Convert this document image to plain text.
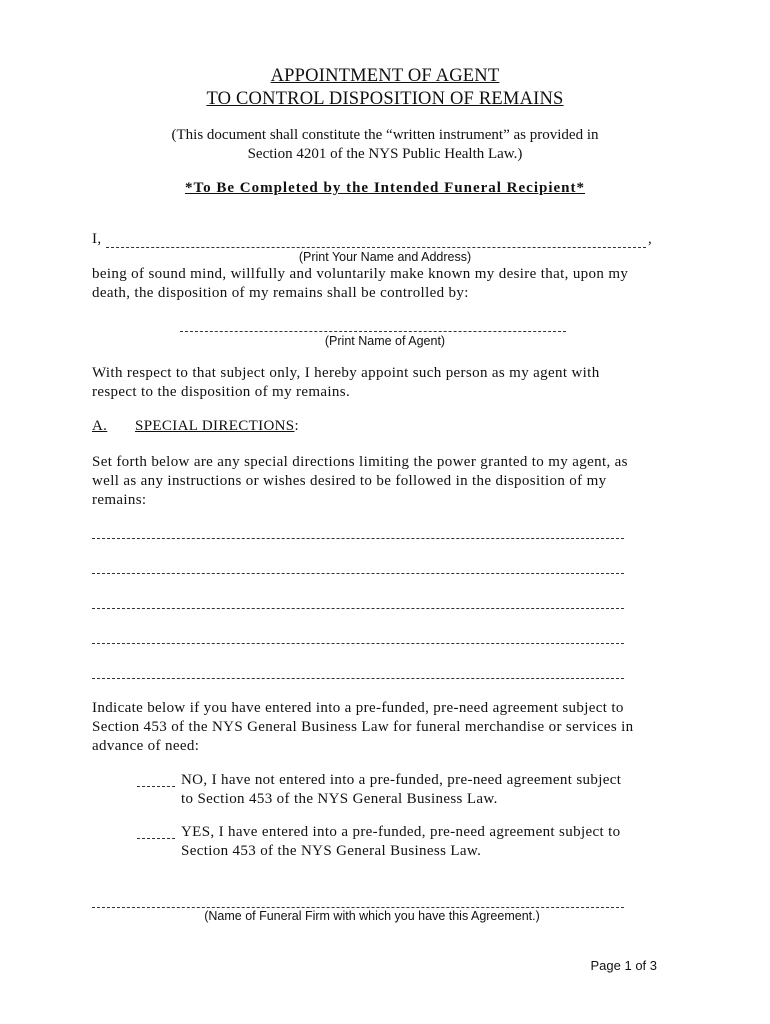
APPOINTMENT OF AGENT
TO CONTROL DISPOSITION OF REMAINS
(This document shall constitute the “written instrument” as provided in
Section 4201 of the NYS Public Health Law.)
*To Be Completed by the Intended Funeral Recipient*
I,	,
(Print Your Name and Address)
being of sound mind, willfully and voluntarily make known my desire that, upon my
death, the disposition of my remains shall be controlled by:
(Print Name of Agent)
With respect to that subject only, I hereby appoint such person as my agent with
respect to the disposition of my remains.
A. SPECIAL DIRECTIONS:
Set forth below are any special directions limiting the power granted to my agent, as
well as any instructions or wishes desired to be followed in the disposition of my
remains:
Indicate below if you have entered into a pre-funded, pre-need agreement subject to
Section 453 of the NYS General Business Law for funeral merchandise or services in
advance of need:
NO, I have not entered into a pre-funded, pre-need agreement subject
to Section 453 of the NYS General Business Law.
YES, I have entered into a pre-funded, pre-need agreement subject to
Section 453 of the NYS General Business Law.
(Name of Funeral Firm with which you have this Agreement.)
Page 1 of 3
